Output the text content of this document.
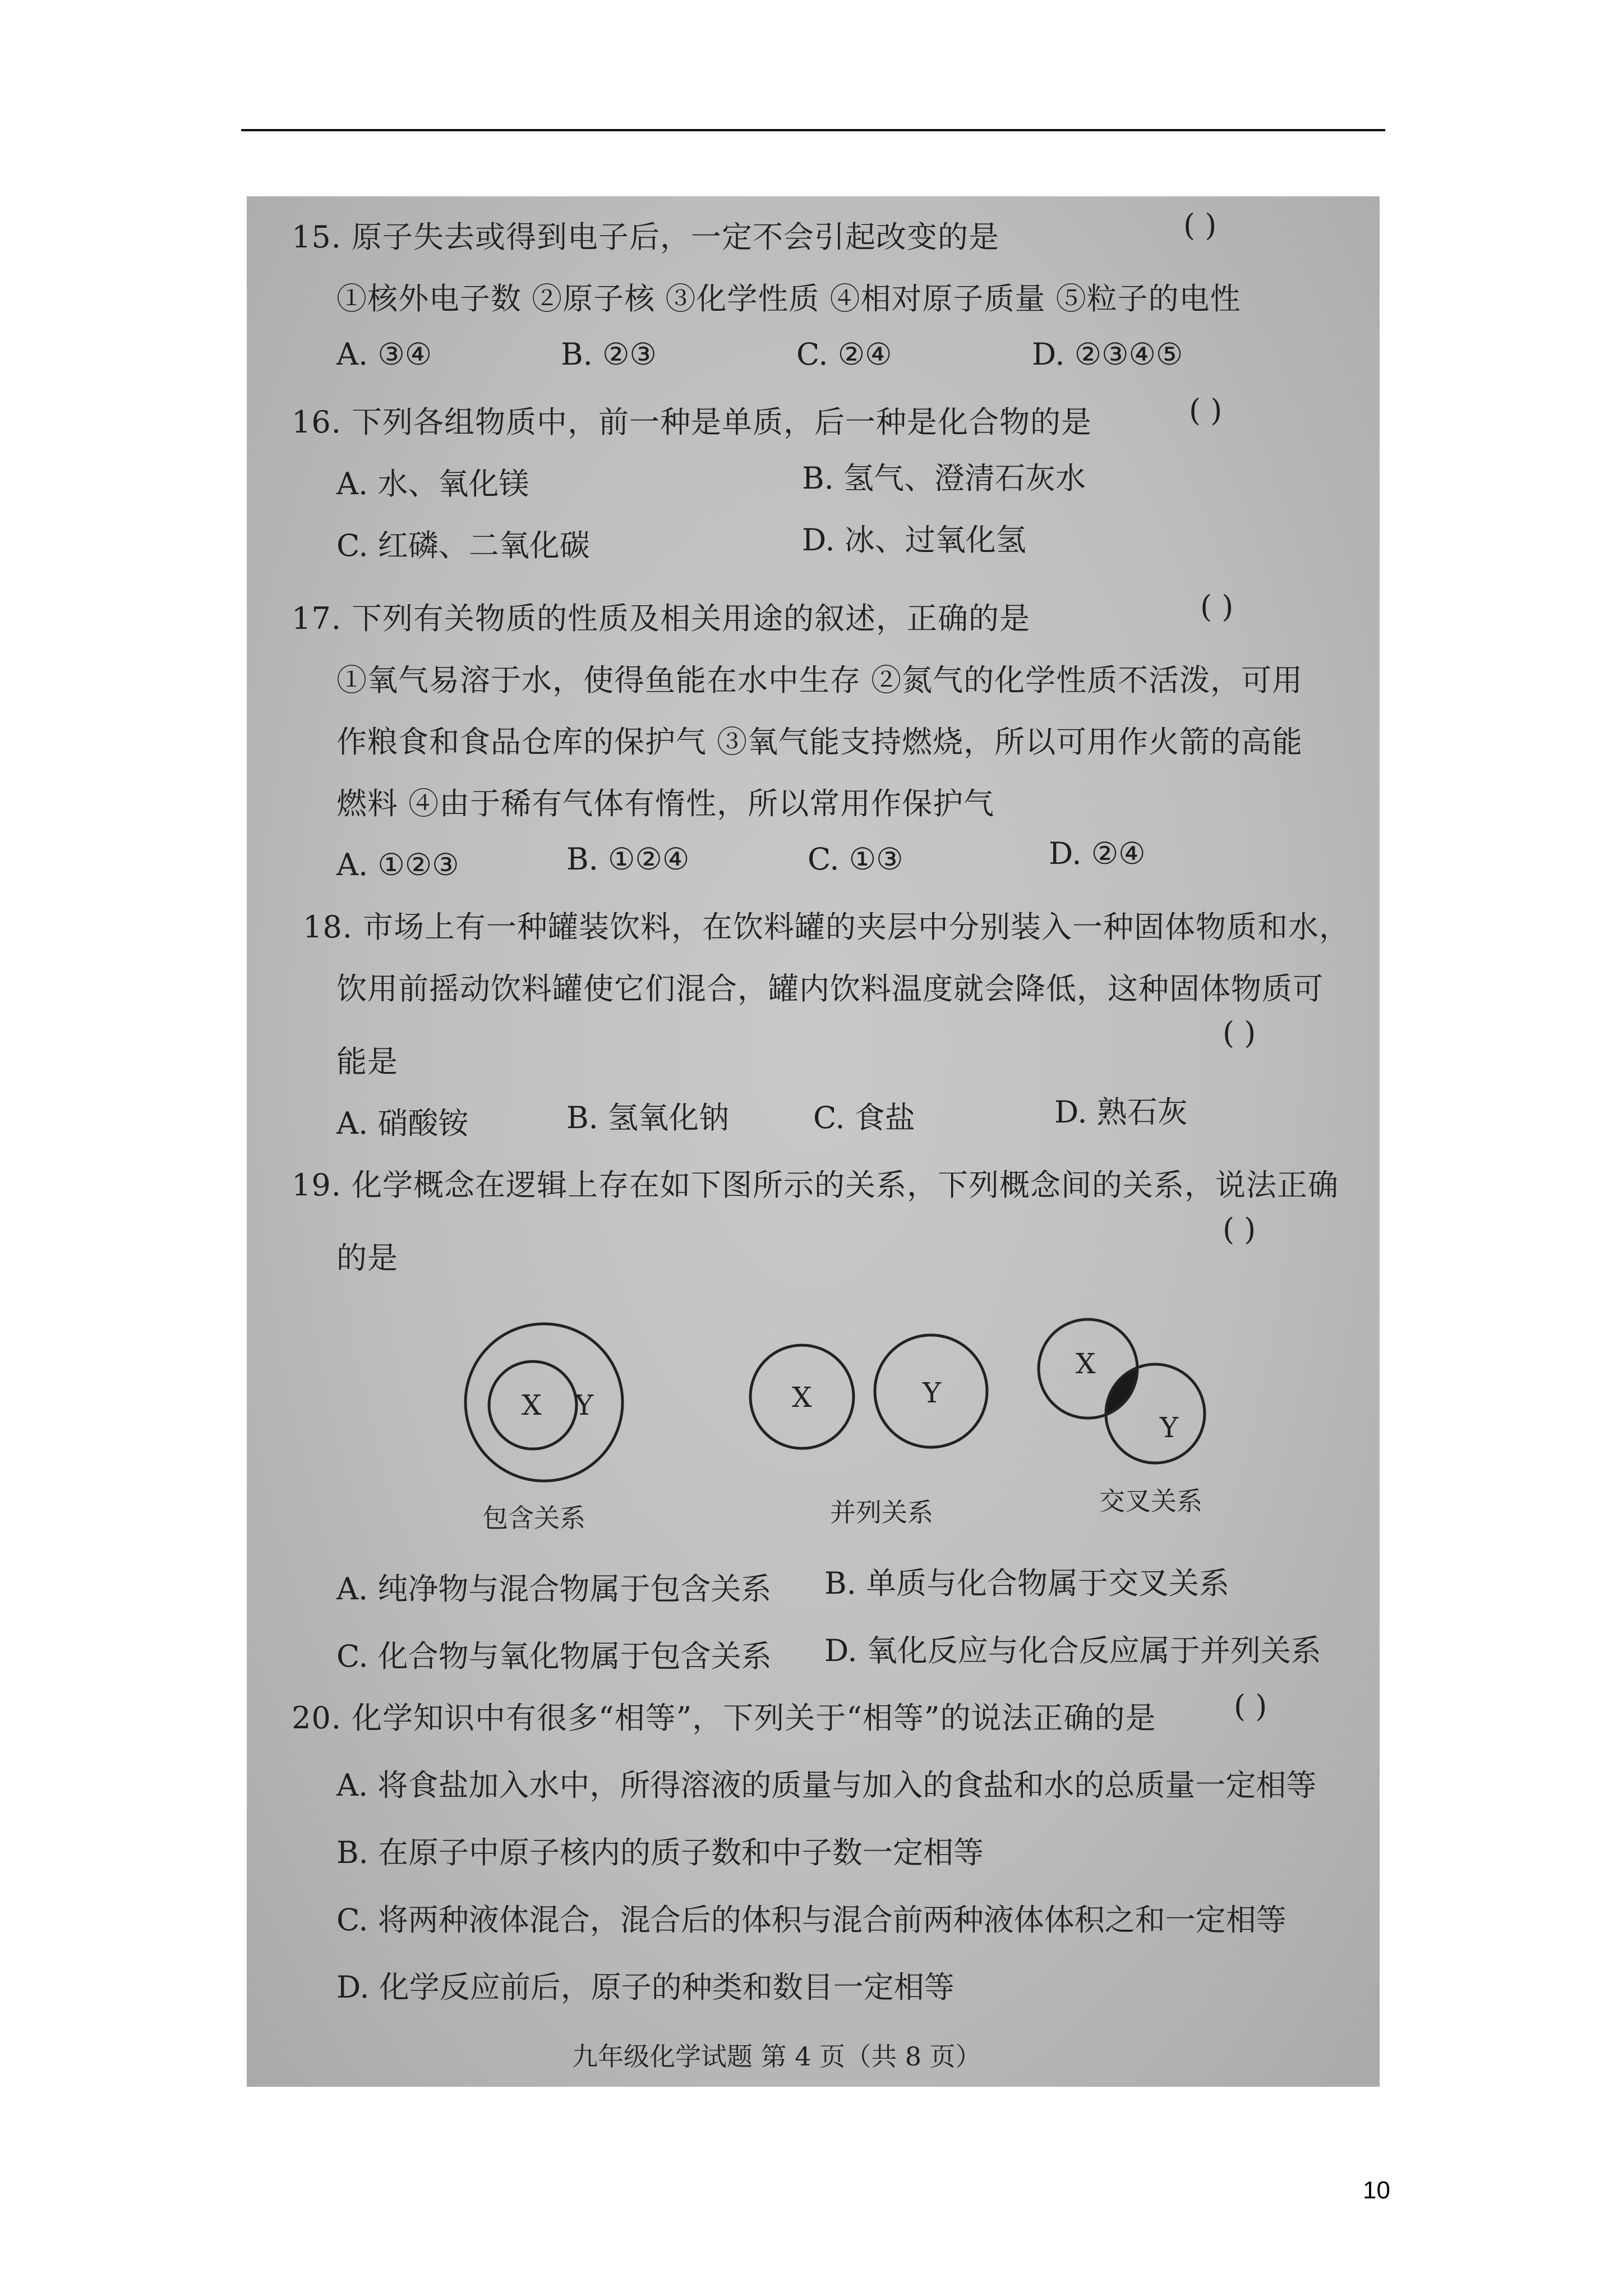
15. 原子失去或得到电子后，一定不会引起改变的是	( )
①核外电子数 ②原子核 ③化学性质 ④相对原子质量 ⑤粒子的电性
A. ③④	B. ②③	C. ②④	D. ②③④⑤
16. 下列各组物质中，前一种是单质，后一种是化合物的是	( )
A. 水、氧化镁	B. 氢气、澄清石灰水
C. 红磷、二氧化碳	D. 冰、过氧化氢
17. 下列有关物质的性质及相关用途的叙述，正确的是	( )
①氧气易溶于水，使得鱼能在水中生存 ②氮气的化学性质不活泼，可用
作粮食和食品仓库的保护气 ③氧气能支持燃烧，所以可用作火箭的高能
燃料 ④由于稀有气体有惰性，所以常用作保护气
A. ①②③	B. ①②④	C. ①③	D. ②④
18. 市场上有一种罐装饮料，在饮料罐的夹层中分别装入一种固体物质和水，
饮用前摇动饮料罐使它们混合，罐内饮料温度就会降低，这种固体物质可
( )
能是
A. 硝酸铵	B. 氢氧化钠	C. 食盐	D. 熟石灰
19. 化学概念在逻辑上存在如下图所示的关系，下列概念间的关系，说法正确
( )
的是
X Y	X	Y
X
Y
包含关系	并列关系	交叉关系
A. 纯净物与混合物属于包含关系 B. 单质与化合物属于交叉关系
C. 化合物与氧化物属于包含关系 D. 氧化反应与化合反应属于并列关系
20. 化学知识中有很多“相等”，下列关于“相等”的说法正确的是	( )
A. 将食盐加入水中，所得溶液的质量与加入的食盐和水的总质量一定相等
B. 在原子中原子核内的质子数和中子数一定相等
C. 将两种液体混合，混合后的体积与混合前两种液体体积之和一定相等
D. 化学反应前后，原子的种类和数目一定相等
九年级化学试题 第 4 页（共 8 页）
10
